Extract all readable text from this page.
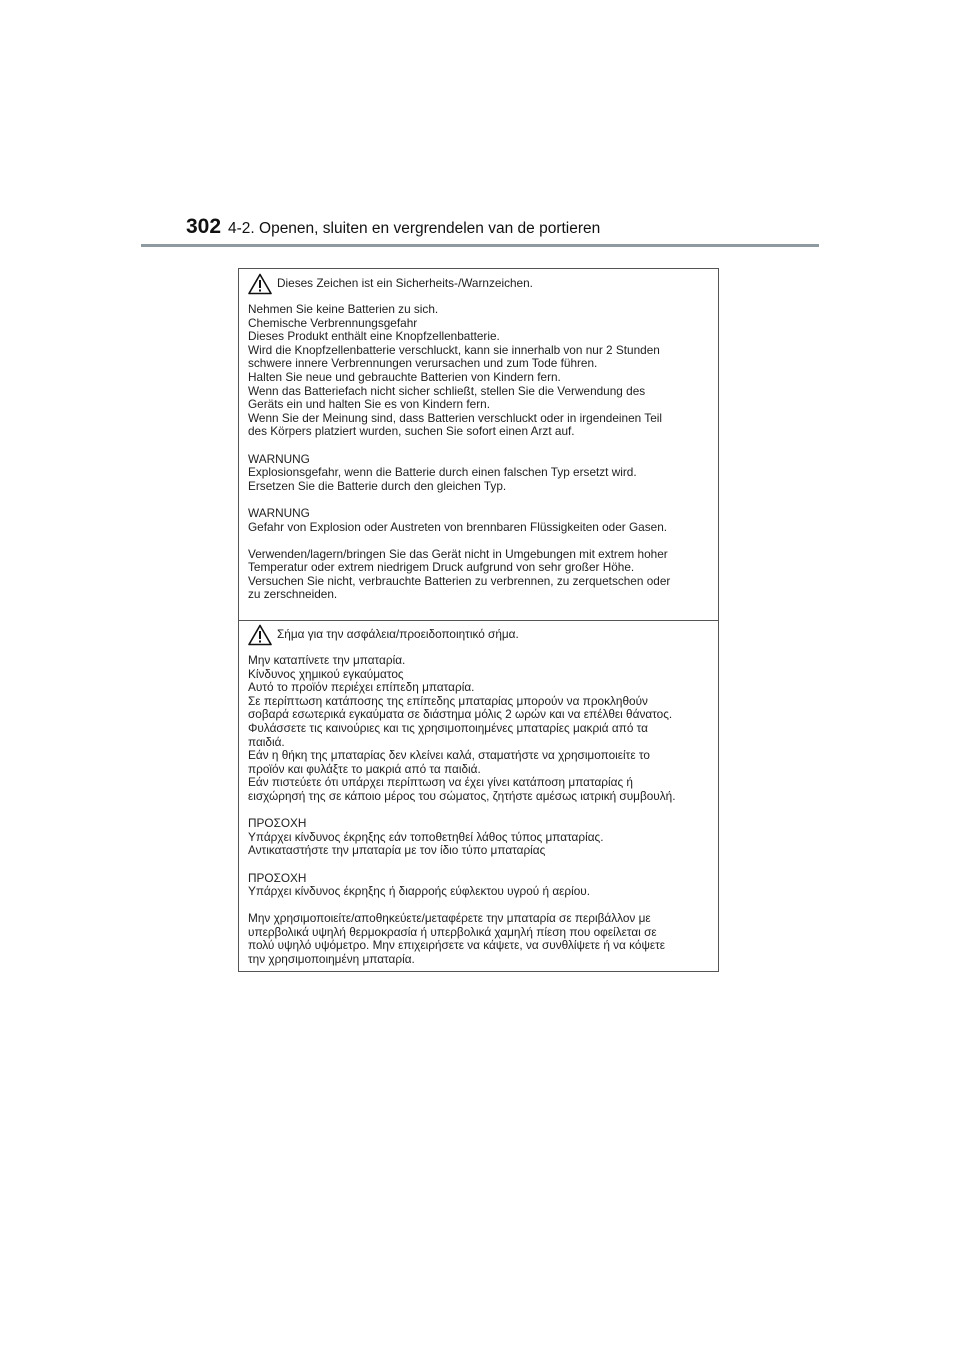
302 4-2. Openen, sluiten en vergrendelen van de portieren
Dieses Zeichen ist ein Sicherheits-/Warnzeichen.
Nehmen Sie keine Batterien zu sich.
Chemische Verbrennungsgefahr
Dieses Produkt enthält eine Knopfzellenbatterie.
Wird die Knopfzellenbatterie verschluckt, kann sie innerhalb von nur 2 Stunden
schwere innere Verbrennungen verursachen und zum Tode führen.
Halten Sie neue und gebrauchte Batterien von Kindern fern.
Wenn das Batteriefach nicht sicher schließt, stellen Sie die Verwendung des
Geräts ein und halten Sie es von Kindern fern.
Wenn Sie der Meinung sind, dass Batterien verschluckt oder in irgendeinen Teil
des Körpers platziert wurden, suchen Sie sofort einen Arzt auf.
WARNUNG
Explosionsgefahr, wenn die Batterie durch einen falschen Typ ersetzt wird.
Ersetzen Sie die Batterie durch den gleichen Typ.
WARNUNG
Gefahr von Explosion oder Austreten von brennbaren Flüssigkeiten oder Gasen.
Verwenden/lagern/bringen Sie das Gerät nicht in Umgebungen mit extrem hoher
Temperatur oder extrem niedrigem Druck aufgrund von sehr großer Höhe.
Versuchen Sie nicht, verbrauchte Batterien zu verbrennen, zu zerquetschen oder
zu zerschneiden.
Σήμα για την ασφάλεια/προειδοποιητικό σήμα.
Μην καταπίνετε την μπαταρία.
Κίνδυνος χημικού εγκαύματος
Αυτό το προϊόν περιέχει επίπεδη μπαταρία.
Σε περίπτωση κατάποσης της επίπεδης μπαταρίας μπορούν να προκληθούν
σοβαρά εσωτερικά εγκαύματα σε διάστημα μόλις 2 ωρών και να επέλθει θάνατος.
Φυλάσσετε τις καινούριες και τις χρησιμοποιημένες μπαταρίες μακριά από τα
παιδιά.
Εάν η θήκη της μπαταρίας δεν κλείνει καλά, σταματήστε να χρησιμοποιείτε το
προϊόν και φυλάξτε το μακριά από τα παιδιά.
Εάν πιστεύετε ότι υπάρχει περίπτωση να έχει γίνει κατάποση μπαταρίας ή
εισχώρησή της σε κάποιο μέρος του σώματος, ζητήστε αμέσως ιατρική συμβουλή.
ΠΡΟΣΟΧΗ
Υπάρχει κίνδυνος έκρηξης εάν τοποθετηθεί λάθος τύπος μπαταρίας.
Αντικαταστήστε την μπαταρία με τον ίδιο τύπο μπαταρίας
ΠΡΟΣΟΧΗ
Υπάρχει κίνδυνος έκρηξης ή διαρροής εύφλεκτου υγρού ή αερίου.
Μην χρησιμοποιείτε/αποθηκεύετε/μεταφέρετε την μπαταρία σε περιβάλλον με
υπερβολικά υψηλή θερμοκρασία ή υπερβολικά χαμηλή πίεση που οφείλεται σε
πολύ υψηλό υψόμετρο. Μην επιχειρήσετε να κάψετε, να συνθλίψετε ή να κόψετε
την χρησιμοποιημένη μπαταρία.
